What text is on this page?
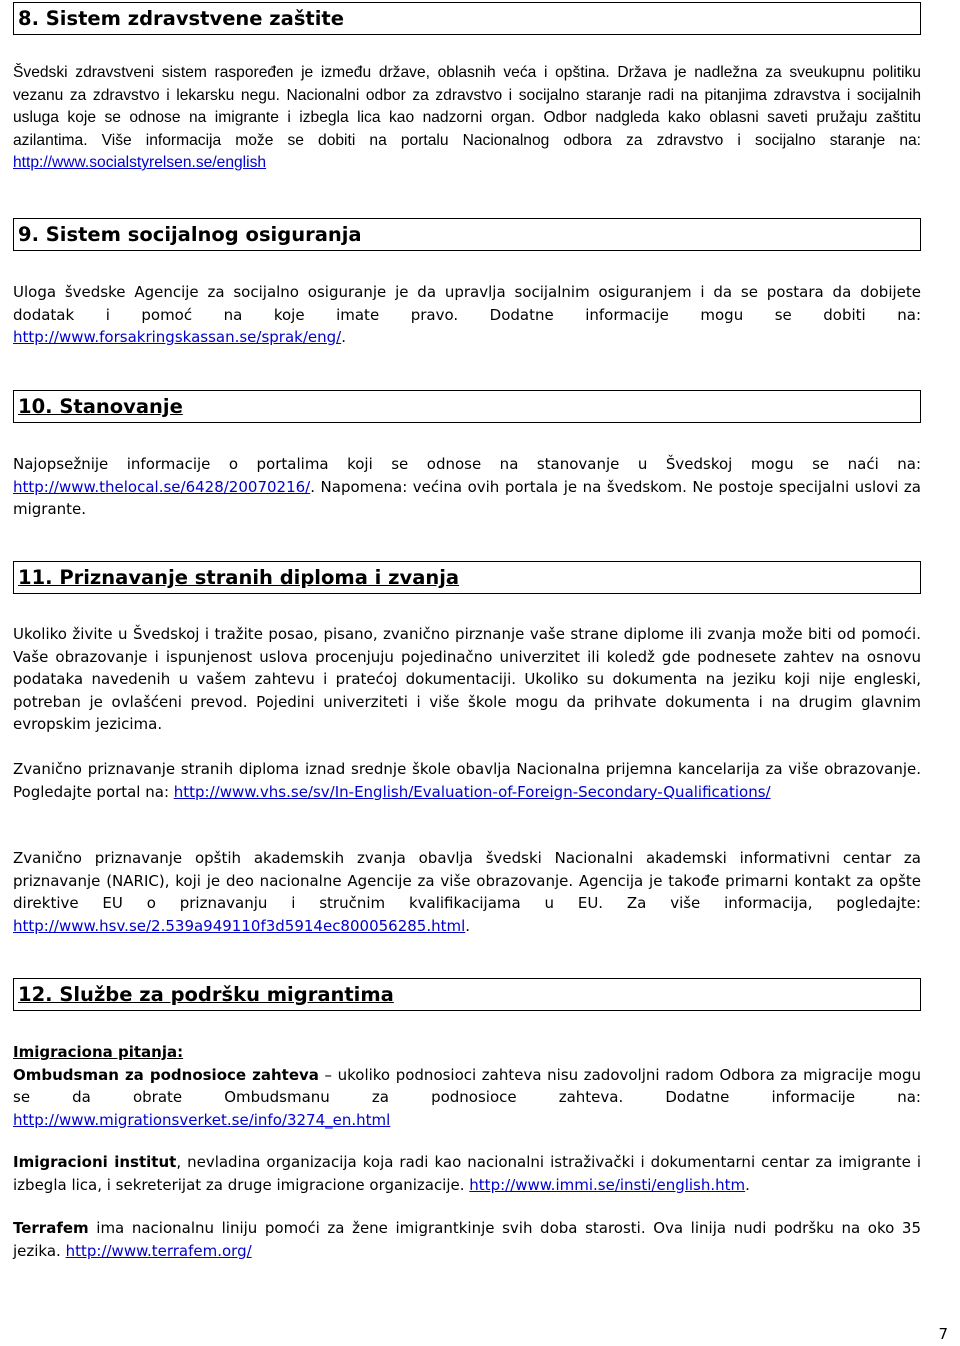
8. Sistem zdravstvene zaštite

Švedski zdravstveni sistem raspoređen je između države, oblasnih veća i opština. Država je nadležna za sveukupnu politiku vezanu za zdravstvo i lekarsku negu. Nacionalni odbor za zdravstvo i socijalno staranje radi na pitanjima zdravstva i socijalnih usluga koje se odnose na imigrante i izbegla lica kao nadzorni organ. Odbor nadgleda kako oblasni saveti pružaju zaštitu azilantima. Više informacija može se dobiti na portalu Nacionalnog odbora za zdravstvo i socijalno staranje na: http://www.socialstyrelsen.se/english

9. Sistem socijalnog osiguranja

Uloga švedske Agencije za socijalno osiguranje je da upravlja socijalnim osiguranjem i da se postara da dobijete dodatak i pomoć na koje imate pravo. Dodatne informacije mogu se dobiti na: http://www.forsakringskassan.se/sprak/eng/.

10. Stanovanje

Najopsežnije informacije o portalima koji se odnose na stanovanje u Švedskoj mogu se naći na: http://www.thelocal.se/6428/20070216/. Napomena: većina ovih portala je na švedskom. Ne postoje specijalni uslovi za migrante.

11. Priznavanje stranih diploma i zvanja

Ukoliko živite u Švedskoj i tražite posao, pisano, zvanično pirznanje vaše strane diplome ili zvanja može biti od pomoći. Vaše obrazovanje i ispunjenost uslova procenjuju pojedinačno univerzitet ili koledž gde podnesete zahtev na osnovu podataka navedenih u vašem zahtevu i pratećoj dokumentaciji. Ukoliko su dokumenta na jeziku koji nije engleski, potreban je ovlašćeni prevod. Pojedini univerziteti i više škole mogu da prihvate dokumenta i na drugim glavnim evropskim jezicima.

Zvanično priznavanje stranih diploma iznad srednje škole obavlja Nacionalna prijemna kancelarija za više obrazovanje. Pogledajte portal na: http://www.vhs.se/sv/In-English/Evaluation-of-Foreign-Secondary-Qualifications/

Zvanično priznavanje opštih akademskih zvanja obavlja švedski Nacionalni akademski informativni centar za priznavanje (NARIC), koji je deo nacionalne Agencije za više obrazovanje. Agencija je takođe primarni kontakt za opšte direktive EU o priznavanju i stručnim kvalifikacijama u EU. Za više informacija, pogledajte: http://www.hsv.se/2.539a949110f3d5914ec800056285.html.

12. Službe za podršku migrantima

Imigraciona pitanja:
Ombudsman za podnosioce zahteva – ukoliko podnosioci zahteva nisu zadovoljni radom Odbora za migracije mogu se da obrate Ombudsmanu za podnosioce zahteva. Dodatne informacije na: http://www.migrationsverket.se/info/3274_en.html

Imigracioni institut, nevladina organizacija koja radi kao nacionalni istraživački i dokumentarni centar za imigrante i izbegla lica, i sekreterijat za druge imigracione organizacije. http://www.immi.se/insti/english.htm.

Terrafem ima nacionalnu liniju pomoći za žene imigrantkinje svih doba starosti. Ova linija nudi podršku na oko 35 jezika. http://www.terrafem.org/

7
